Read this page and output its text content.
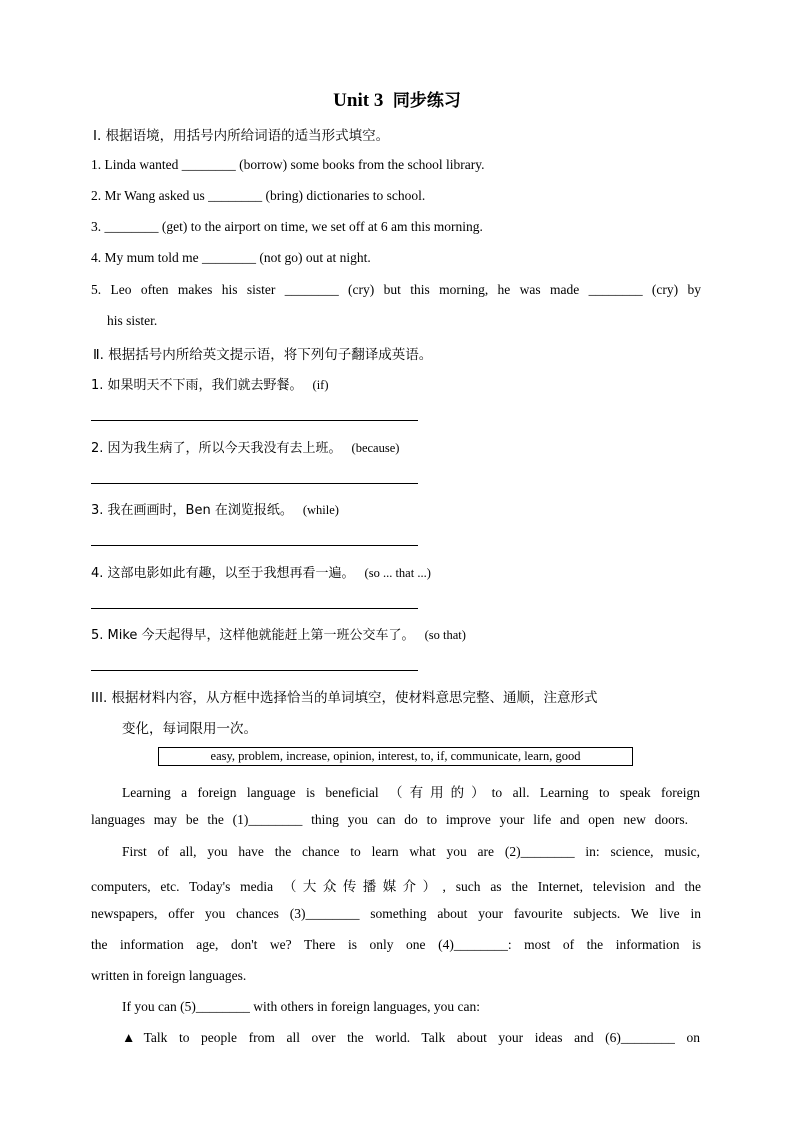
Unit 3 同步练习
Ⅰ. 根据语境，用括号内所给词语的适当形式填空。
1. Linda wanted ________ (borrow) some books from the school library.
2. Mr Wang asked us ________ (bring) dictionaries to school.
3. ________ (get) to the airport on time, we set off at 6 am this morning.
4. My mum told me ________ (not go) out at night.
5. Leo often makes his sister ________ (cry) but this morning, he was made ________ (cry) by
his sister.
Ⅱ. 根据括号内所给英文提示语，将下列句子翻译成英语。
1. 如果明天不下雨，我们就去野餐。 (if)
2. 因为我生病了，所以今天我没有去上班。 (because)
3. 我在画画时，Ben 在浏览报纸。 (while)
4. 这部电影如此有趣，以至于我想再看一遍。 (so ... that ...)
5. Mike 今天起得早，这样他就能赶上第一班公交车了。 (so that)
III. 根据材料内容，从方框中选择恰当的单词填空，使材料意思完整、通顺，注意形式
变化，每词限用一次。
easy, problem, increase, opinion, interest, to, if, communicate, learn, good
Learning a foreign language is beneficial （有用的）to all. Learning to speak foreign
languages may be the (1)________ thing you can do to improve your life and open new doors.
First of all, you have the chance to learn what you are (2)________ in: science, music,
computers, etc. Today's media （大众传播媒介）, such as the Internet, television and the
newspapers, offer you chances (3)________ something about your favourite subjects. We live in
the information age, don't we? There is only one (4)________: most of the information is
written in foreign languages.
If you can (5)________ with others in foreign languages, you can:
▲Talk to people from all over the world. Talk about your ideas and (6)________ on
